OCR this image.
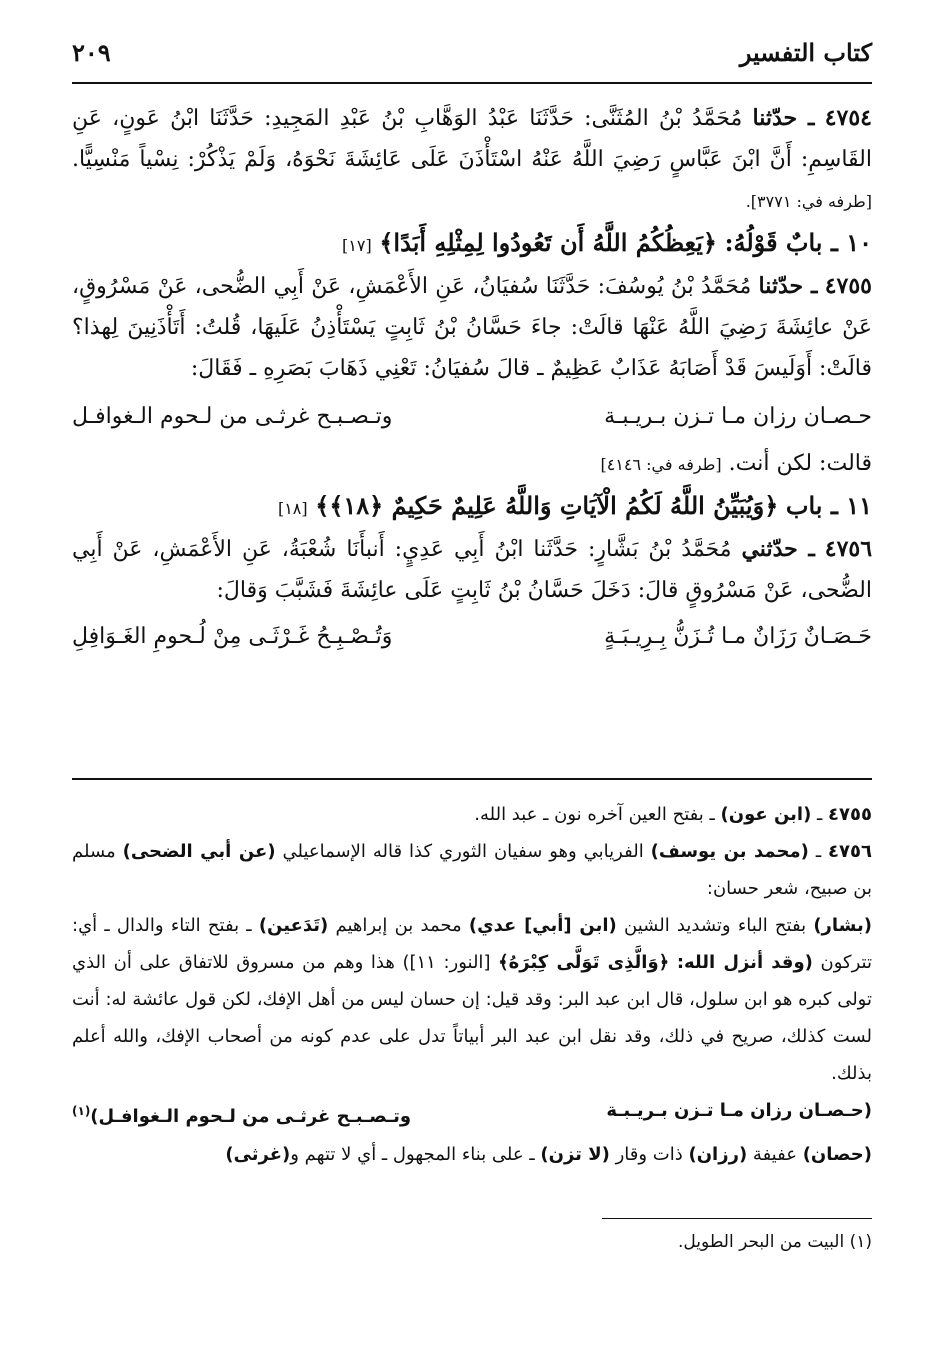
كتاب التفسير
٢٠٩

٤٧٥٤ ـ حدّثنا مُحَمَّدُ بْنُ المُثَنَّى: حَدَّثَنَا عَبْدُ الوَهَّابِ بْنُ عَبْدِ المَجِيدِ: حَدَّثَنَا ابْنُ عَونٍ، عَنِ القَاسِمِ: أَنَّ ابْنَ عَبَّاسٍ رَضِيَ اللَّهُ عَنْهُ اسْتَأْذَنَ عَلَى عَائِشَةَ نَحْوَهُ، وَلَمْ يَذْكُرْ: نِسْياً مَنْسِيًّا. [طرفه في: ٣٧٧١].

١٠ ـ بابٌ قَوْلُهُ: ﴿يَعِظُكُمُ اللَّهُ أَن تَعُودُوا لِمِثْلِهِ أَبَدًا﴾ [١٧]

٤٧٥٥ ـ حدّثنا مُحَمَّدُ بْنُ يُوسُفَ: حَدَّثَنَا سُفيَانُ، عَنِ الأَعْمَشِ، عَنْ أَبِي الضُّحى، عَنْ مَسْرُوقٍ، عَنْ عائِشَةَ رَضِيَ اللَّهُ عَنْهَا قالَتْ: جاءَ حَسَّانُ بْنُ ثَابِتٍ يَسْتَأْذِنُ عَلَيهَا، قُلتُ: أَتَأْذَنِينَ لِهذا؟ قالَتْ: أَوَلَيسَ قَدْ أَصَابَهُ عَذَابٌ عَظِيمٌ ـ قالَ سُفيَانُ: تَعْنِي ذَهَابَ بَصَرِهِ ـ فَقَالَ:

حـصـان رزان مـا تـزن بـريـبـة
وتـصـبـح غرثـى من لـحوم الـغوافـل

قالت: لكن أنت. [طرفه في: ٤١٤٦]

١١ ـ باب ﴿وَيُبَيِّنُ اللَّهُ لَكُمُ الْآيَاتِ وَاللَّهُ عَلِيمٌ حَكِيمٌ ﴿١٨﴾﴾ [١٨]

٤٧٥٦ ـ حدّثني مُحَمَّدُ بْنُ بَشَّارٍ: حَدَّثَنا ابْنُ أَبِي عَدِيٍ: أَنبأَنَا شُعْبَةُ، عَنِ الأَعْمَشِ، عَنْ أَبِي الضُّحى، عَنْ مَسْرُوقٍ قالَ: دَخَلَ حَسَّانُ بْنُ ثَابِتٍ عَلَى عائِشَةَ فَشَبَّبَ وَقالَ:

حَـصَـانٌ رَزَانٌ مـا تُـزَنُّ بِـرِيـبَـةٍ
وَتُـصْـبِـحُ غَـرْثَـى مِنْ لُـحومِ الغَـوَافِلِ

٤٧٥٥ ـ (ابن عون) ـ بفتح العين آخره نون ـ عبد الله.

٤٧٥٦ ـ (محمد بن يوسف) الفريابي وهو سفيان الثوري كذا قاله الإسماعيلي (عن أبي الضحى) مسلم بن صبيح، شعر حسان:

(بشار) بفتح الباء وتشديد الشين (ابن [أبي] عدي) محمد بن إبراهيم (تَدَعين) ـ بفتح التاء والدال ـ أي: تتركون (وقد أنزل الله: ﴿وَالَّذِى تَوَلَّى كِبْرَهُ﴾ [النور: ١١]) هذا وهم من مسروق للاتفاق على أن الذي تولى كبره هو ابن سلول، قال ابن عبد البر: وقد قيل: إن حسان ليس من أهل الإفك، لكن قول عائشة له: أنت لست كذلك، صريح في ذلك، وقد نقل ابن عبد البر أبياتاً تدل على عدم كونه من أصحاب الإفك، والله أعلم بذلك.

(حـصـان رزان مـا تـزن بـريـبـة
وتـصـبـح غرثـى من لـحوم الـغوافـل)$^{(١)}$

(حصان) عفيفة (رزان) ذات وقار (لا تزن) ـ على بناء المجهول ـ أي لا تتهم و(غرثى)

(١) البيت من البحر الطويل.
